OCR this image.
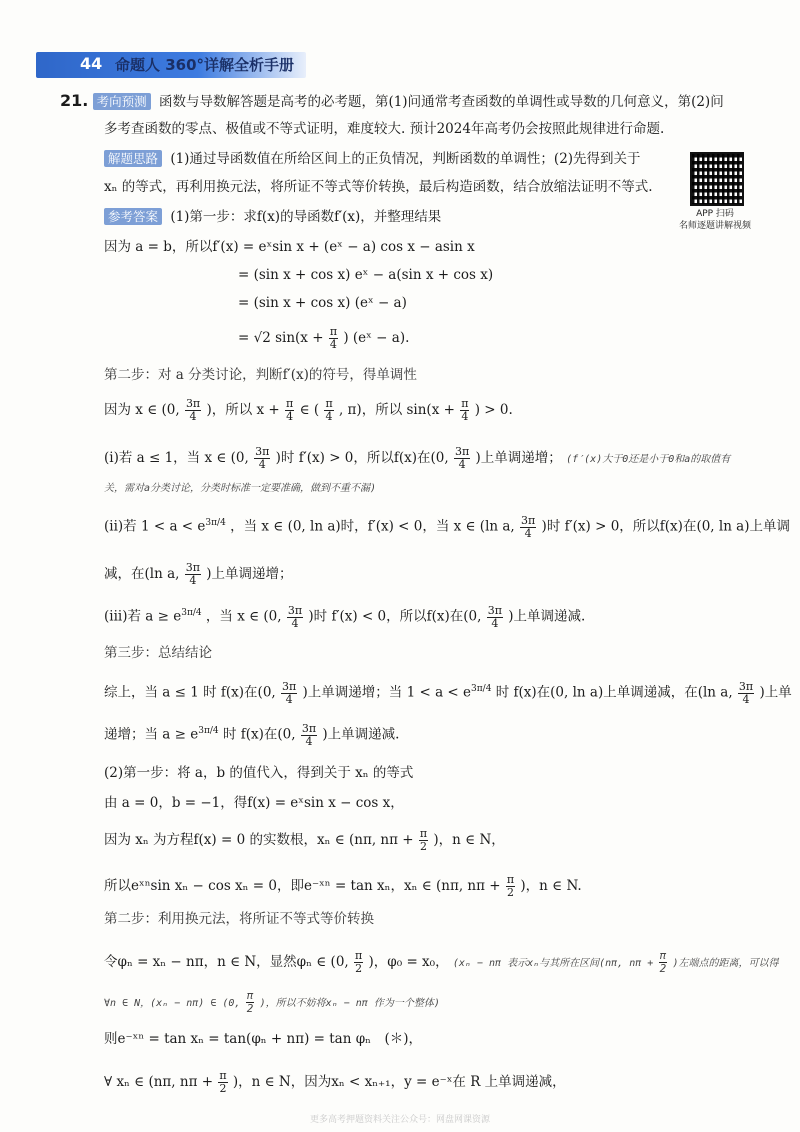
44 命题人 360°详解全析手册
21. 考向预测 函数与导数解答题是高考的必考题，第(1)问通常考查函数的单调性或导数的几何意义，第(2)问
多考查函数的零点、极值或不等式证明，难度较大. 预计2024年高考仍会按照此规律进行命题.
解题思路 (1)通过导函数值在所给区间上的正负情况，判断函数的单调性；(2)先得到关于
xₙ 的等式，再利用换元法，将所证不等式等价转换，最后构造函数，结合放缩法证明不等式.
APP 扫码
名师逐题讲解视频
参考答案 (1)第一步：求f(x)的导函数f′(x)，并整理结果
因为 a = b，所以f′(x) = eˣsin x + (eˣ − a) cos x − asin x
= (sin x + cos x) eˣ − a(sin x + cos x)
= (sin x + cos x) (eˣ − a)
= √2 $\sin(x + \frac{\pi}{4}$ ) (eˣ − a).
第二步：对 a 分类讨论，判断f′(x)的符号，得单调性
因为 x ∈ (0, $\frac{3\pi}{4}$ )，所以 $x + \frac{\pi}{4}$ ∈ ( $\frac{\pi}{4}$ , π)，所以 $\sin(x + \frac{\pi}{4}$ ) > 0.
(i)若 a ≤ 1，当 x ∈ (0, $\frac{3\pi}{4}$ )时 f′(x) > 0，所以f(x)在(0, $\frac{3\pi}{4}$ )上单调递增； (f′(x)大于0还是小于0和a的取值有
关，需对a分类讨论，分类时标准一定要准确，做到不重不漏)
(ii)若 $1 < a < e^{3\pi/4}$ ，当 x ∈ (0, ln a)时，f′(x) < 0，当 x ∈ (ln a, $\frac{3\pi}{4}$ )时 f′(x) > 0，所以f(x)在(0, ln a)上单调
减，在(ln a, $\frac{3\pi}{4}$ )上单调递增；
(iii)若 $a \ge e^{3\pi/4}$ ，当 x ∈ (0, $\frac{3\pi}{4}$ )时 f′(x) < 0，所以f(x)在(0, $\frac{3\pi}{4}$ )上单调递减.
第三步：总结结论
综上，当 a ≤ 1 时 f(x)在(0, $\frac{3\pi}{4}$ )上单调递增；当 $1 < a < e^{3\pi/4}$ 时 f(x)在(0, ln a)上单调递减，在(ln a, $\frac{3\pi}{4}$ )上单
递增；当 $a \ge e^{3\pi/4}$ 时 f(x)在(0, $\frac{3\pi}{4}$ )上单调递减.
(2)第一步：将 a，b 的值代入，得到关于 xₙ 的等式
由 a = 0，b = −1，得f(x) = eˣsin x − cos x，
因为 xₙ 为方程f(x) = 0 的实数根，xₙ ∈ (nπ, $n\pi + \frac{\pi}{2}$ )，n ∈ N，
所以eˣⁿsin xₙ − cos xₙ = 0，即e⁻ˣⁿ = tan xₙ，xₙ ∈ (nπ, $n\pi + \frac{\pi}{2}$ )，n ∈ N.
第二步：利用换元法，将所证不等式等价转换
令φₙ = xₙ − nπ，n ∈ N，显然φₙ ∈ (0, $\frac{\pi}{2}$ )，φ₀ = x₀， (xₙ − nπ 表示xₙ与其所在区间(nπ, $n\pi + \frac{\pi}{2}$ )左端点的距离，可以得
∀n ∈ N，(xₙ − nπ) ∈ (0, $\frac{\pi}{2}$ )，所以不妨将xₙ − nπ 作为一个整体)
则e⁻ˣⁿ = tan xₙ = tan(φₙ + nπ) = tan φₙ　(＊)，
∀ xₙ ∈ (nπ, $n\pi + \frac{\pi}{2}$ )，n ∈ N，因为xₙ < xₙ₊₁，y = e⁻ˣ在 R 上单调递减，
更多高考押题资料关注公众号：网盘网课资源
